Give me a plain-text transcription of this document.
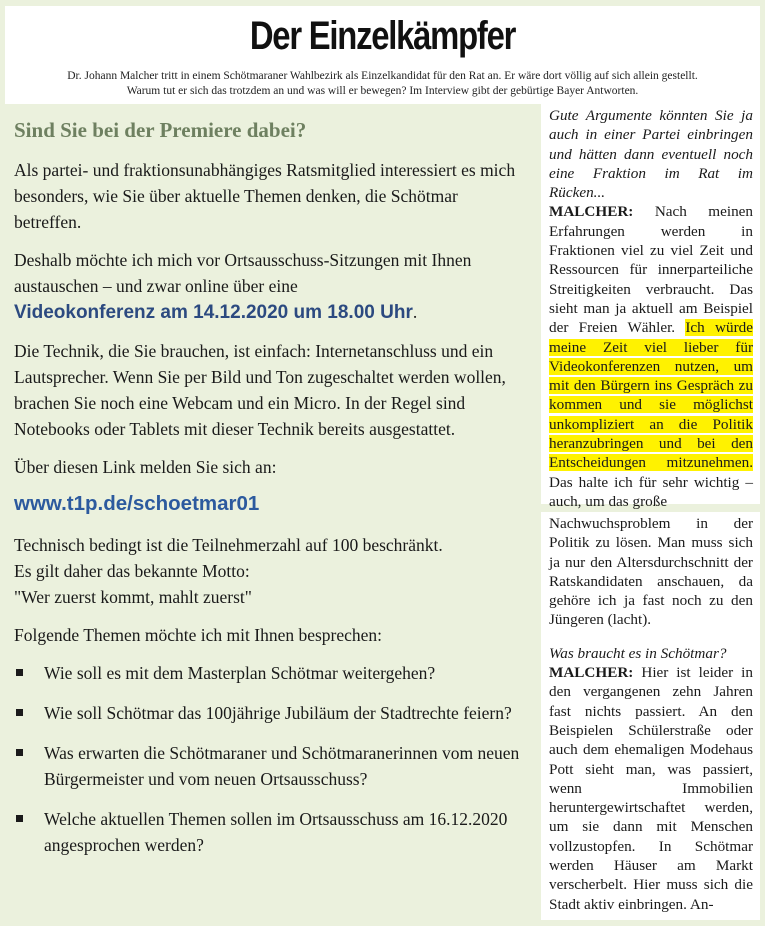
Der Einzelkämpfer
Dr. Johann Malcher tritt in einem Schötmaraner Wahlbezirk als Einzelkandidat für den Rat an. Er wäre dort völlig auf sich allein gestellt.
Warum tut er sich das trotzdem an und was will er bewegen? Im Interview gibt der gebürtige Bayer Antworten.
Sind Sie bei der Premiere dabei?

Als partei- und fraktionsunabhängiges Ratsmitglied interessiert es mich besonders, wie Sie über aktuelle Themen denken, die Schötmar betreffen.

Deshalb möchte ich mich vor Ortsausschuss-Sitzungen mit Ihnen austauschen – und zwar online über eine
Videokonferenz am 14.12.2020 um 18.00 Uhr.

Die Technik, die Sie brauchen, ist einfach: Internetanschluss und ein Lautsprecher. Wenn Sie per Bild und Ton zugeschaltet werden wollen, brachen Sie noch eine Webcam und ein Micro. In der Regel sind Notebooks oder Tablets mit dieser Technik bereits ausgestattet.

Über diesen Link melden Sie sich an:

www.t1p.de/schoetmar01

Technisch bedingt ist die Teilnehmerzahl auf 100 beschränkt.
Es gilt daher das bekannte Motto:
"Wer zuerst kommt, mahlt zuerst"

Folgende Themen möchte ich mit Ihnen besprechen:

Wie soll es mit dem Masterplan Schötmar weitergehen?
Wie soll Schötmar das 100jährige Jubiläum der Stadtrechte feiern?
Was erwarten die Schötmaraner und Schötmaranerinnen vom neuen Bürgermeister und vom neuen Ortsausschuss?
Welche aktuellen Themen sollen im Ortsausschuss am 16.12.2020 angesprochen werden?
Gute Argumente könnten Sie ja auch in einer Partei einbringen und hätten dann eventuell noch eine Fraktion im Rat im Rücken...
MALCHER: Nach meinen Erfahrungen werden in Fraktionen viel zu viel Zeit und Ressourcen für innerparteiliche Streitigkeiten verbraucht. Das sieht man ja aktuell am Beispiel der Freien Wähler. Ich würde meine Zeit viel lieber für Videokonferenzen nutzen, um mit den Bürgern ins Gespräch zu kommen und sie möglichst unkompliziert an die Politik heranzubringen und bei den Entscheidungen mitzunehmen. Das halte ich für sehr wichtig – auch, um das große
Nachwuchsproblem in der Politik zu lösen. Man muss sich ja nur den Altersdurchschnitt der Ratskandidaten anschauen, da gehöre ich ja fast noch zu den Jüngeren (lacht).
Was braucht es in Schötmar?
MALCHER: Hier ist leider in den vergangenen zehn Jahren fast nichts passiert. An den Beispielen Schülerstraße oder auch dem ehemaligen Modehaus Pott sieht man, was passiert, wenn Immobilien heruntergewirtschaftet werden, um sie dann mit Menschen vollzustopfen. In Schötmar werden Häuser am Markt verscherbelt. Hier muss sich die Stadt aktiv einbringen. An-
